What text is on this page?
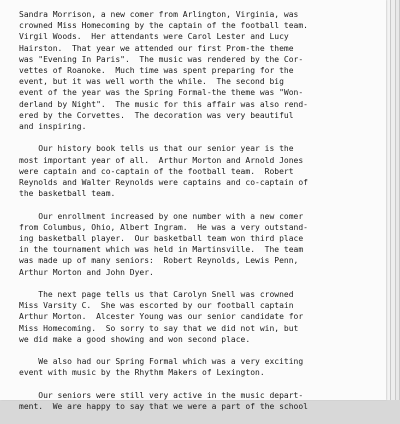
Sandra Morrison, a new comer from Arlington, Virginia, was
crowned Miss Homecoming by the captain of the football team.
Virgil Woods.  Her attendants were Carol Lester and Lucy
Hairston.  That year we attended our first Prom-the theme
was "Evening In Paris".  The music was rendered by the Cor-
vettes of Roanoke.  Much time was spent preparing for the
event, but it was well worth the while.  The second big
event of the year was the Spring Formal-the theme was "Won-
derland by Night".  The music for this affair was also rend-
ered by the Corvettes.  The decoration was very beautiful
and inspiring.
Our history book tells us that our senior year is the
most important year of all.  Arthur Morton and Arnold Jones
were captain and co-captain of the football team.  Robert
Reynolds and Walter Reynolds were captains and co-captain of
the basketball team.
Our enrollment increased by one number with a new comer
from Columbus, Ohio, Albert Ingram.  He was a very outstand-
ing basketball player.  Our basketball team won third place
in the tournament which was held in Martinsville.  The team
was made up of many seniors:  Robert Reynolds, Lewis Penn,
Arthur Morton and John Dyer.
The next page tells us that Carolyn Snell was crowned
Miss Varsity C.  She was escorted by our football captain
Arthur Morton.  Alcester Young was our senior candidate for
Miss Homecoming.  So sorry to say that we did not win, but
we did make a good showing and won second place.
We also had our Spring Formal which was a very exciting
event with music by the Rhythm Makers of Lexington.
Our seniors were still very active in the music depart-
ment.  We are happy to say that we were a part of the school
